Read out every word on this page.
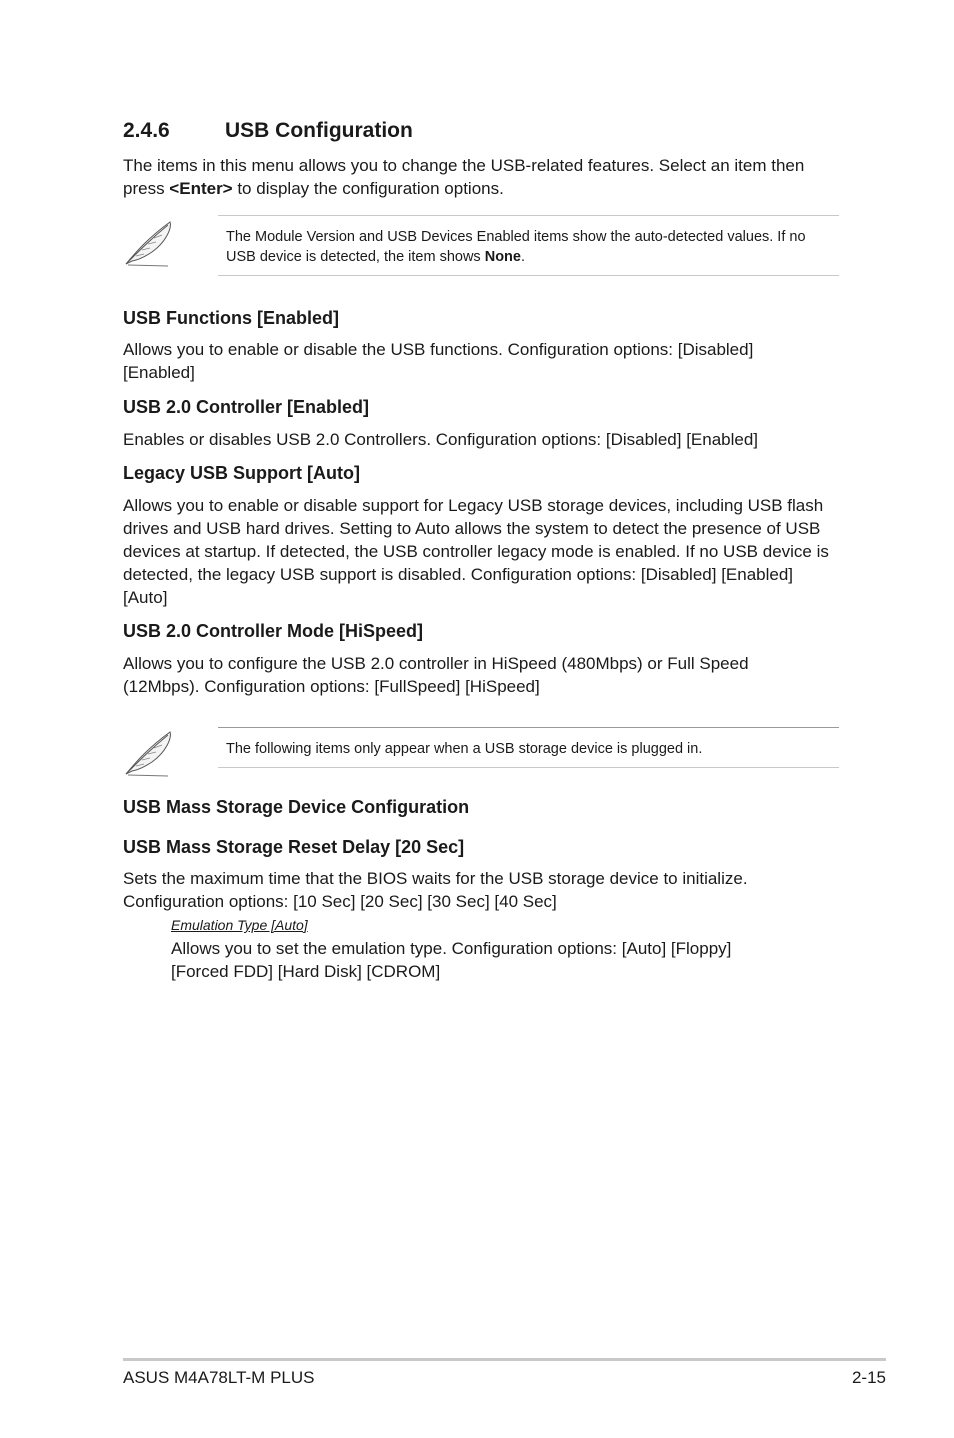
2.4.6	USB Configuration
The items in this menu allows you to change the USB-related features. Select an item then press <Enter> to display the configuration options.
The Module Version and USB Devices Enabled items show the auto-detected values. If no USB device is detected, the item shows None.
USB Functions [Enabled]
Allows you to enable or disable the USB functions. Configuration options: [Disabled] [Enabled]
USB 2.0 Controller [Enabled]
Enables or disables USB 2.0 Controllers. Configuration options: [Disabled] [Enabled]
Legacy USB Support [Auto]
Allows you to enable or disable support for Legacy USB storage devices, including USB flash drives and USB hard drives. Setting to Auto allows the system to detect the presence of USB devices at startup. If detected, the USB controller legacy mode is enabled. If no USB device is detected, the legacy USB support is disabled. Configuration options: [Disabled] [Enabled] [Auto]
USB 2.0 Controller Mode [HiSpeed]
Allows you to configure the USB 2.0 controller in HiSpeed (480Mbps) or Full Speed (12Mbps). Configuration options: [FullSpeed] [HiSpeed]
The following items only appear when a USB storage device is plugged in.
USB Mass Storage Device Configuration
USB Mass Storage Reset Delay [20 Sec]
Sets the maximum time that the BIOS waits for the USB storage device to initialize. Configuration options: [10 Sec] [20 Sec] [30 Sec] [40 Sec]
Emulation Type [Auto]
Allows you to set the emulation type. Configuration options: [Auto] [Floppy] [Forced FDD] [Hard Disk] [CDROM]
ASUS M4A78LT-M PLUS	2-15
